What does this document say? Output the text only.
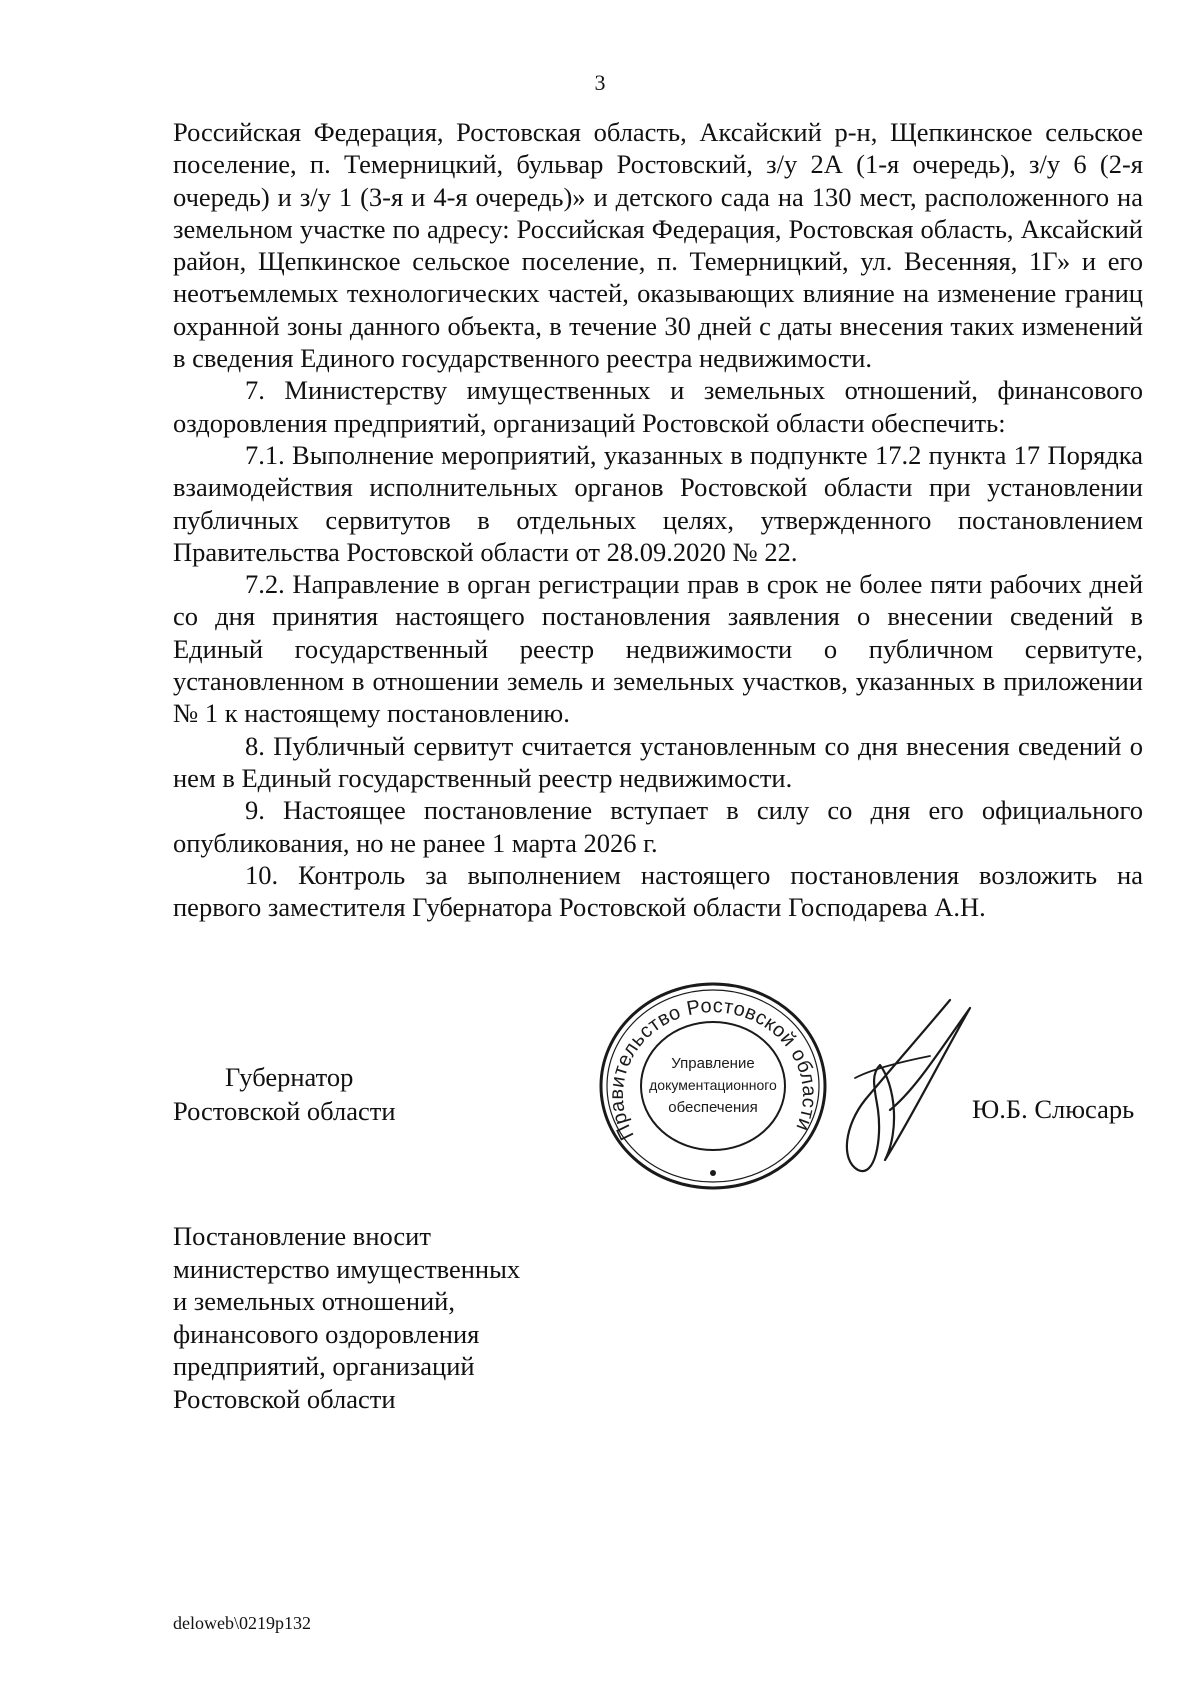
3

Российская Федерация, Ростовская область, Аксайский р-н, Щепкинское сельское поселение, п. Темерницкий, бульвар Ростовский, з/у 2А (1-я очередь), з/у 6 (2-я очередь) и з/у 1 (3-я и 4-я очередь)» и детского сада на 130 мест, расположенного на земельном участке по адресу: Российская Федерация, Ростовская область, Аксайский район, Щепкинское сельское поселение, п. Темерницкий, ул. Весенняя, 1Г» и его неотъемлемых технологических частей, оказывающих влияние на изменение границ охранной зоны данного объекта, в течение 30 дней с даты внесения таких изменений в сведения Единого государственного реестра недвижимости.

7. Министерству имущественных и земельных отношений, финансового оздоровления предприятий, организаций Ростовской области обеспечить:

7.1. Выполнение мероприятий, указанных в подпункте 17.2 пункта 17 Порядка взаимодействия исполнительных органов Ростовской области при установлении публичных сервитутов в отдельных целях, утвержденного постановлением Правительства Ростовской области от 28.09.2020 № 22.

7.2. Направление в орган регистрации прав в срок не более пяти рабочих дней со дня принятия настоящего постановления заявления о внесении сведений в Единый государственный реестр недвижимости о публичном сервитуте, установленном в отношении земель и земельных участков, указанных в приложении № 1 к настоящему постановлению.

8. Публичный сервитут считается установленным со дня внесения сведений о нем в Единый государственный реестр недвижимости.

9. Настоящее постановление вступает в силу со дня его официального опубликования, но не ранее 1 марта 2026 г.

10. Контроль за выполнением настоящего постановления возложить на первого заместителя Губернатора Ростовской области Господарева А.Н.

Губернатор
Ростовской области
Правительство Ростовской области
Управление
документационного
обеспечения	Ю.Б. Слюсарь
Постановление вносит
министерство имущественных
и земельных отношений,
финансового оздоровления
предприятий, организаций
Ростовской области
deloweb\0219p132
